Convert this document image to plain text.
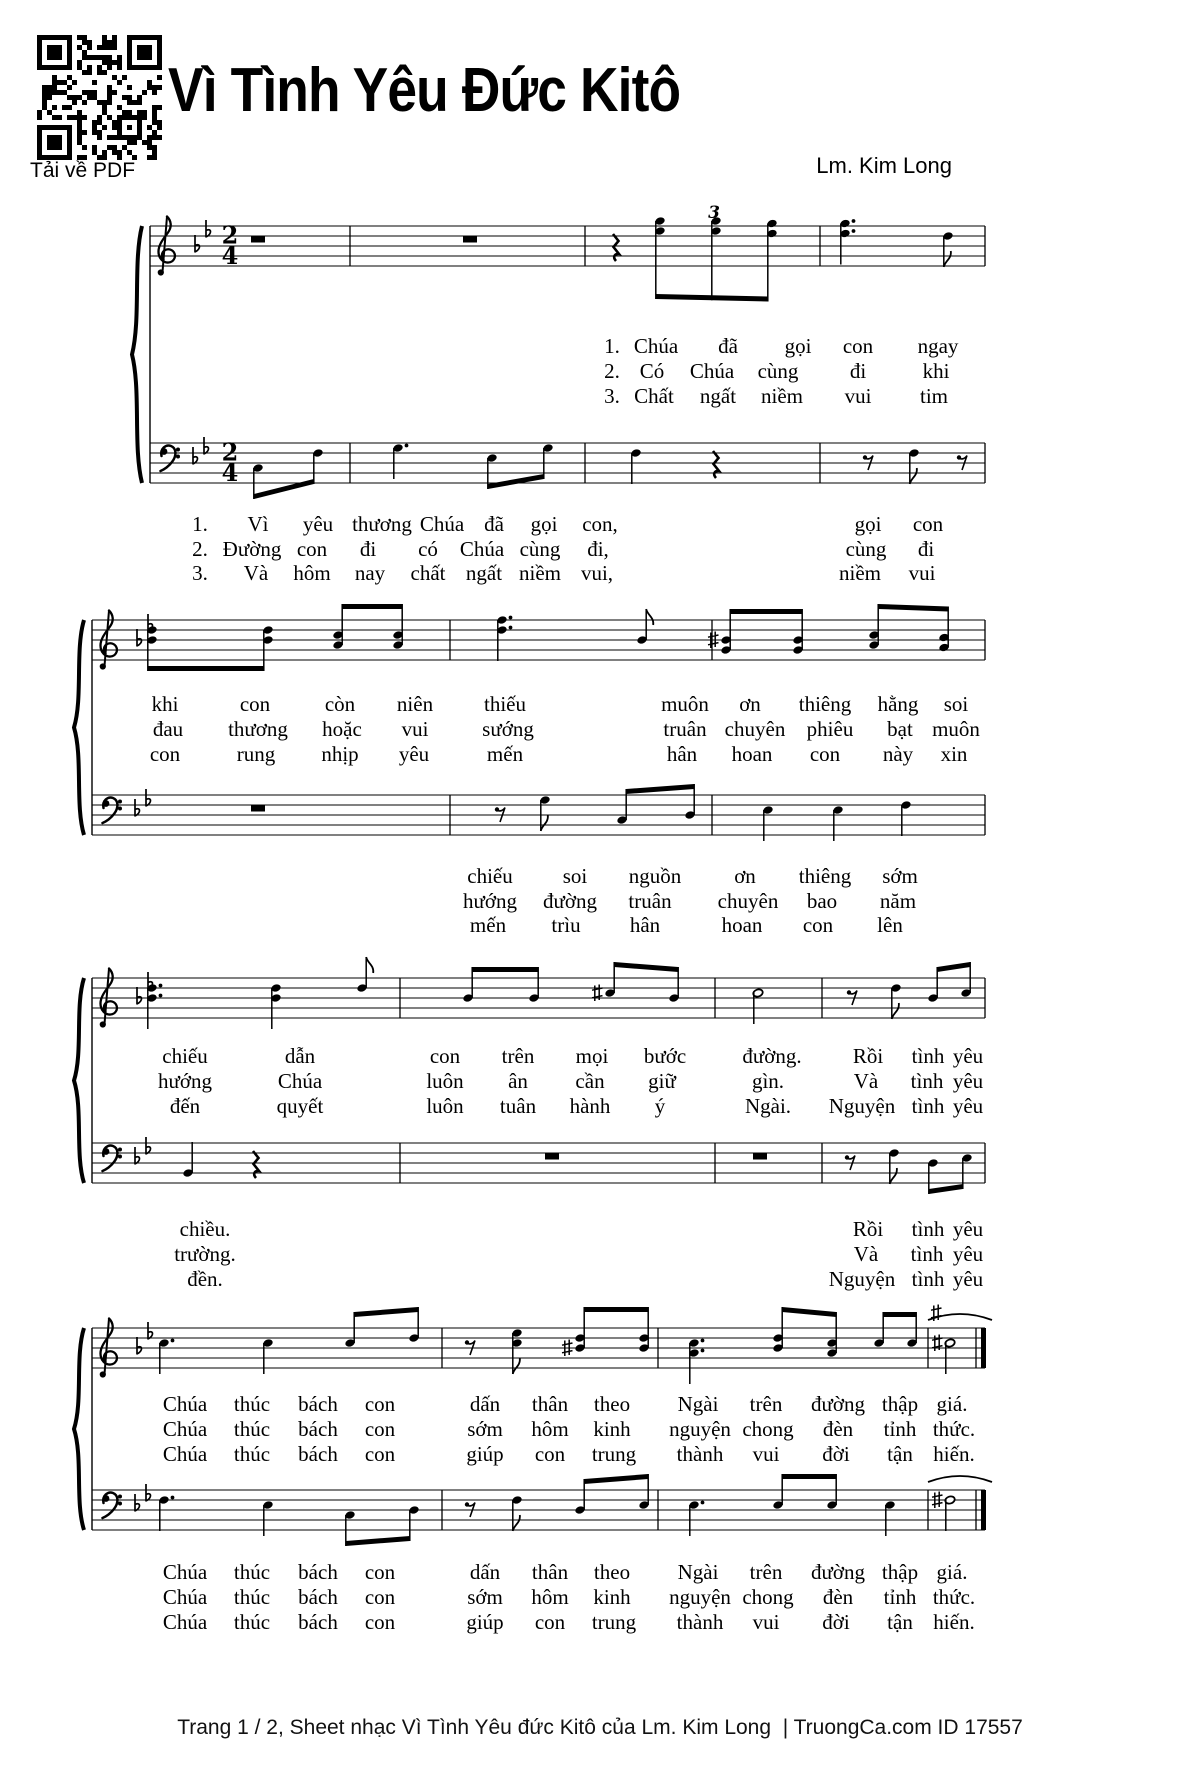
Tải về PDF
Vì Tình Yêu Đức Kitô
Lm. Kim Long
2
4
3
2
4
1. Chúa đã gọi con ngay
2. Có Chúa cùng đi	khi
3. Chất ngất niềm vui tim
1. Vì yêu thương Chúa đã gọi con,	gọi con
2. Đường con đi có Chúa cùng đi,	cùng đi
3. Và hôm nay chất ngất niềm vui,	niềm vui
khi	con	còn niên thiếu	muôn ơn thiêng hằng soi
đau thương hoặc vui	sướng	truân chuyên phiêu bạt muôn
con	rung nhịp yêu	mến	hân hoan con này xin
chiếu soi nguồn	ơn thiêng sớm
hướng đường truân chuyên bao năm
mến trìu hân	hoan con lên
chiếu	dẫn	con trên mọi bước	đường. Rồi tình yêu
hướng	Chúa	luôn ân cần giữ	gìn.	Và tình yêu
đến	quyết	luôn tuân hành ý	Ngài. Nguyện tình yêu
chiều.	Rồi tình yêu
trường.	Và tình yêu
đền.	Nguyện tình yêu
Chúa thúc bách con	dấn thân theo Ngài trên đường thập giá.
Chúa thúc bách con	sớm hôm kinh nguyện chong đèn tỉnh thức.
Chúa thúc bách con	giúp con trung thành vui đời tận hiến.
Chúa thúc bách con	dấn thân theo Ngài trên đường thập giá.
Chúa thúc bách con	sớm hôm kinh nguyện chong đèn tỉnh thức.
Chúa thúc bách con	giúp con trung thành vui đời tận hiến.
Trang 1 / 2, Sheet nhạc Vì Tình Yêu đức Kitô của Lm. Kim Long  | TruongCa.com ID 17557
